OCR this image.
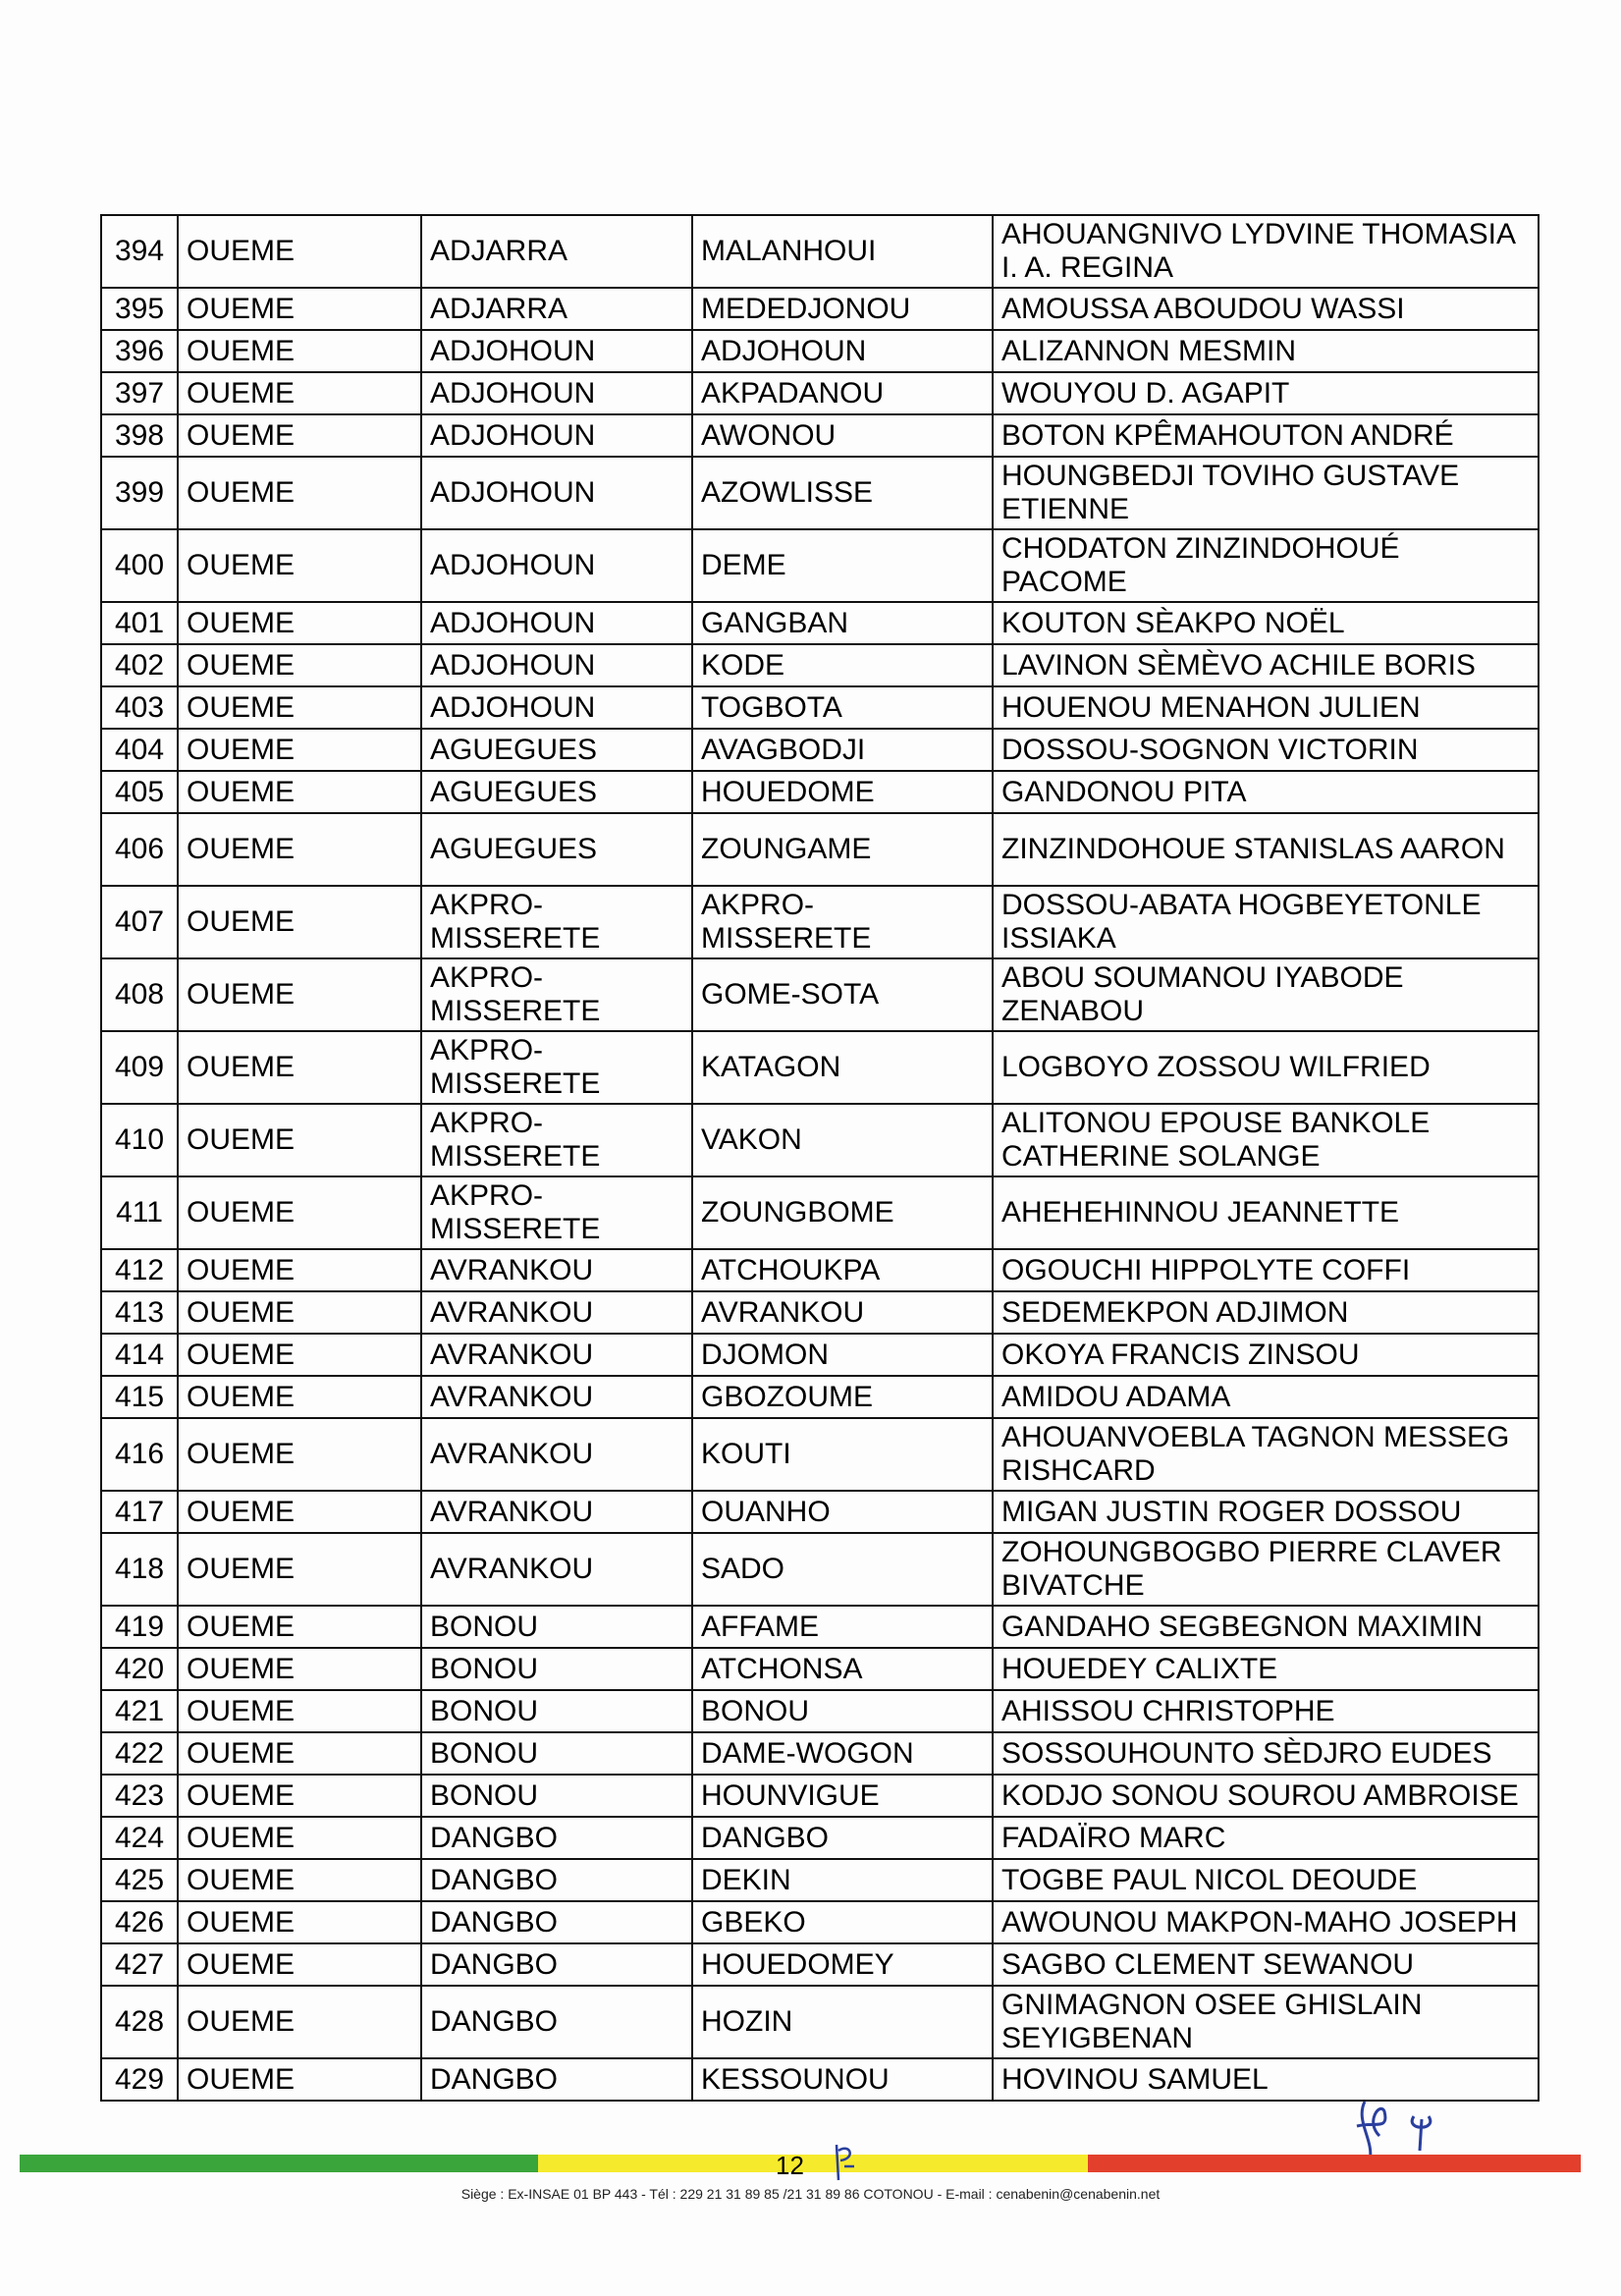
394	OUEME	ADJARRA	MALANHOUI	AHOUANGNIVO LYDVINE THOMASIA I. A. REGINA
395	OUEME	ADJARRA	MEDEDJONOU	AMOUSSA ABOUDOU WASSI
396	OUEME	ADJOHOUN	ADJOHOUN	ALIZANNON MESMIN
397	OUEME	ADJOHOUN	AKPADANOU	WOUYOU D. AGAPIT
398	OUEME	ADJOHOUN	AWONOU	BOTON KPÊMAHOUTON ANDRÉ
399	OUEME	ADJOHOUN	AZOWLISSE	HOUNGBEDJI TOVIHO GUSTAVE ETIENNE
400	OUEME	ADJOHOUN	DEME	CHODATON ZINZINDOHOUÉ PACOME
401	OUEME	ADJOHOUN	GANGBAN	KOUTON SÈAKPO NOËL
402	OUEME	ADJOHOUN	KODE	LAVINON SÈMÈVO ACHILE BORIS
403	OUEME	ADJOHOUN	TOGBOTA	HOUENOU MENAHON JULIEN
404	OUEME	AGUEGUES	AVAGBODJI	DOSSOU-SOGNON VICTORIN
405	OUEME	AGUEGUES	HOUEDOME	GANDONOU PITA
406	OUEME	AGUEGUES	ZOUNGAME	ZINZINDOHOUE STANISLAS AARON
407	OUEME	AKPRO-MISSERETE	AKPRO-MISSERETE	DOSSOU-ABATA HOGBEYETONLE ISSIAKA
408	OUEME	AKPRO-MISSERETE	GOME-SOTA	ABOU SOUMANOU IYABODE ZENABOU
409	OUEME	AKPRO-MISSERETE	KATAGON	LOGBOYO ZOSSOU WILFRIED
410	OUEME	AKPRO-MISSERETE	VAKON	ALITONOU EPOUSE BANKOLE CATHERINE SOLANGE
411	OUEME	AKPRO-MISSERETE	ZOUNGBOME	AHEHEHINNOU JEANNETTE
412	OUEME	AVRANKOU	ATCHOUKPA	OGOUCHI HIPPOLYTE COFFI
413	OUEME	AVRANKOU	AVRANKOU	SEDEMEKPON ADJIMON
414	OUEME	AVRANKOU	DJOMON	OKOYA FRANCIS ZINSOU
415	OUEME	AVRANKOU	GBOZOUME	AMIDOU ADAMA
416	OUEME	AVRANKOU	KOUTI	AHOUANVOEBLA TAGNON MESSEG RISHCARD
417	OUEME	AVRANKOU	OUANHO	MIGAN JUSTIN ROGER DOSSOU
418	OUEME	AVRANKOU	SADO	ZOHOUNGBOGBO PIERRE CLAVER BIVATCHE
419	OUEME	BONOU	AFFAME	GANDAHO SEGBEGNON MAXIMIN
420	OUEME	BONOU	ATCHONSA	HOUEDEY CALIXTE
421	OUEME	BONOU	BONOU	AHISSOU CHRISTOPHE
422	OUEME	BONOU	DAME-WOGON	SOSSOUHOUNTO SÈDJRO EUDES
423	OUEME	BONOU	HOUNVIGUE	KODJO SONOU SOUROU AMBROISE
424	OUEME	DANGBO	DANGBO	FADAÏRO MARC
425	OUEME	DANGBO	DEKIN	TOGBE PAUL NICOL DEOUDE
426	OUEME	DANGBO	GBEKO	AWOUNOU MAKPON-MAHO JOSEPH
427	OUEME	DANGBO	HOUEDOMEY	SAGBO CLEMENT SEWANOU
428	OUEME	DANGBO	HOZIN	GNIMAGNON OSEE GHISLAIN SEYIGBENAN
429	OUEME	DANGBO	KESSOUNOU	HOVINOU SAMUEL
12
Siège : Ex-INSAE 01 BP 443 - Tél : 229 21 31 89 85 /21 31 89 86 COTONOU - E-mail : cenabenin@cenabenin.net
